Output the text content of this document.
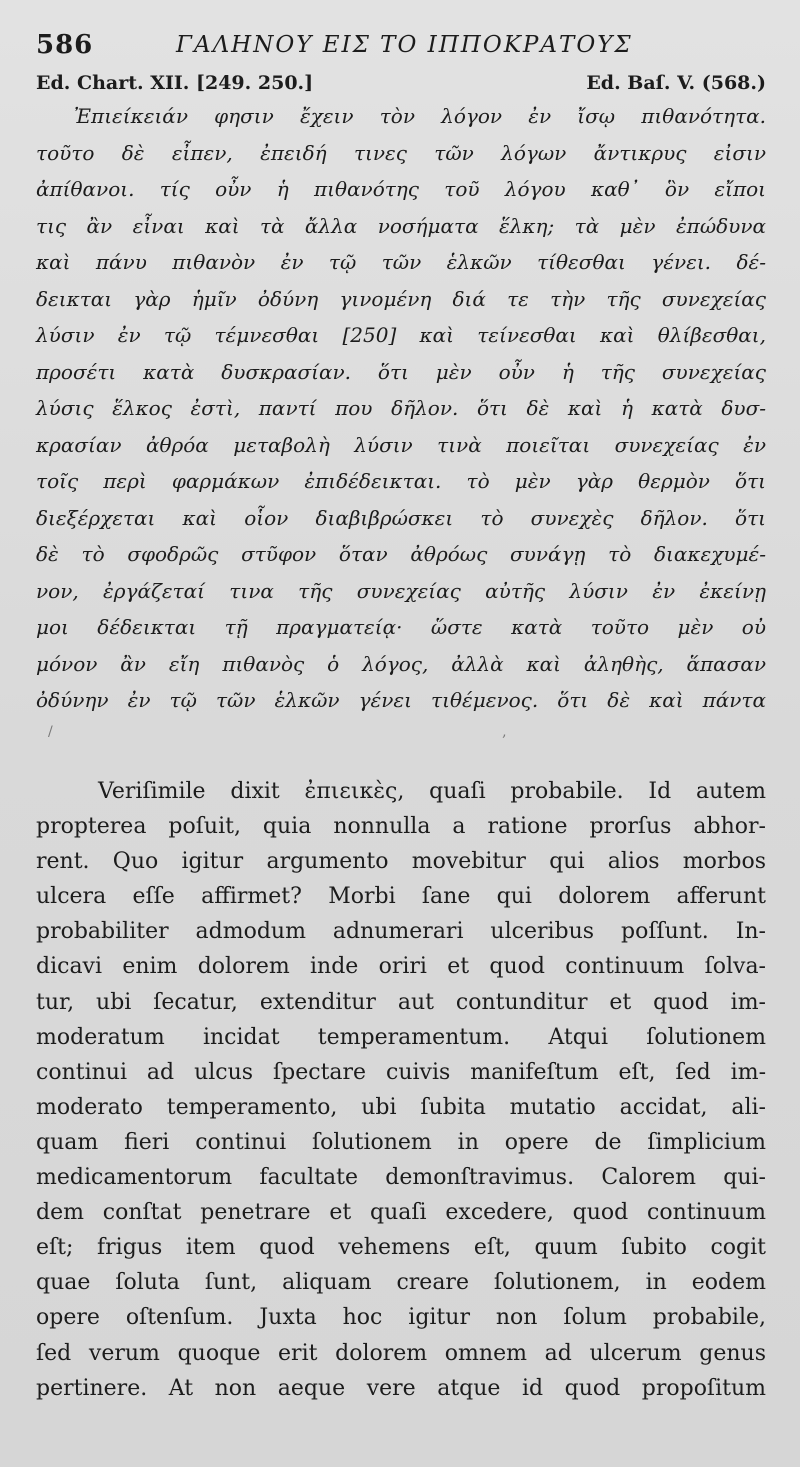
586	ΓΑΛΗΝΟΥ ΕΙΣ ΤΟ ΙΠΠΟΚΡΑΤΟΥΣ
Ed. Chart. XII. [249. 250.]	Ed. Baſ. V. (568.)
Ἐπιείκειάν φησιν ἔχειν τὸν λόγον ἐν ἴσῳ πιθανότητα.
τοῦτο δὲ εἶπεν, ἐπειδή τινες τῶν λόγων ἄντικρυς εἰσιν
ἀπίθανοι. τίς οὖν ἡ πιθανότης τοῦ λόγου καθ᾽ ὃν εἴποι
τις ἂν εἶναι καὶ τὰ ἄλλα νοσήματα ἕλκη; τὰ μὲν ἐπώδυνα
καὶ πάνυ πιθανὸν ἐν τῷ τῶν ἑλκῶν τίθεσθαι γένει. δέ-
δεικται γὰρ ἡμῖν ὀδύνη γινομένη διά τε τὴν τῆς συνεχείας
λύσιν ἐν τῷ τέμνεσθαι [250] καὶ τείνεσθαι καὶ θλίβεσθαι,
προσέτι κατὰ δυσκρασίαν. ὅτι μὲν οὖν ἡ τῆς συνεχείας
λύσις ἕλκος ἐστὶ, παντί που δῆλον. ὅτι δὲ καὶ ἡ κατὰ δυσ-
κρασίαν ἀθρόα μεταβολὴ λύσιν τινὰ ποιεῖται συνεχείας ἐν
τοῖς περὶ φαρμάκων ἐπιδέδεικται. τὸ μὲν γὰρ θερμὸν ὅτι
διεξέρχεται καὶ οἷον διαβιβρώσκει τὸ συνεχὲς δῆλον. ὅτι
δὲ τὸ σφοδρῶς στῦφον ὅταν ἀθρόως συνάγῃ τὸ διακεχυμέ-
νον, ἐργάζεταί τινα τῆς συνεχείας αὐτῆς λύσιν ἐν ἐκείνῃ
μοι δέδεικται τῇ πραγματείᾳ· ὥστε κατὰ τοῦτο μὲν οὐ
μόνον ἂν εἴη πιθανὸς ὁ λόγος, ἀλλὰ καὶ ἀληθὴς, ἅπασαν
ὀδύνην ἐν τῷ τῶν ἑλκῶν γένει τιθέμενος. ὅτι δὲ καὶ πάντα
/                                                                                                     ,
Veriſimile dixit ἐπιεικὲς, quaſi probabile. Id autem
propterea poſuit, quia nonnulla a ratione prorſus abhor-
rent. Quo igitur argumento movebitur qui alios morbos
ulcera eſſe affirmet? Morbi ſane qui dolorem afferunt
probabiliter admodum adnumerari ulceribus poſſunt. In-
dicavi enim dolorem inde oriri et quod continuum ſolva-
tur, ubi ſecatur, extenditur aut contunditur et quod im-
moderatum incidat temperamentum. Atqui ſolutionem
continui ad ulcus ſpectare cuivis manifeſtum eſt, ſed im-
moderato temperamento, ubi ſubita mutatio accidat, ali-
quam fieri continui ſolutionem in opere de ſimplicium
medicamentorum facultate demonſtravimus. Calorem qui-
dem conſtat penetrare et quaſi excedere, quod continuum
eſt; frigus item quod vehemens eſt, quum ſubito cogit
quae ſoluta ſunt, aliquam creare ſolutionem, in eodem
opere oſtenſum. Juxta hoc igitur non ſolum probabile,
ſed verum quoque erit dolorem omnem ad ulcerum genus
pertinere. At non aeque vere atque id quod propoſitum
